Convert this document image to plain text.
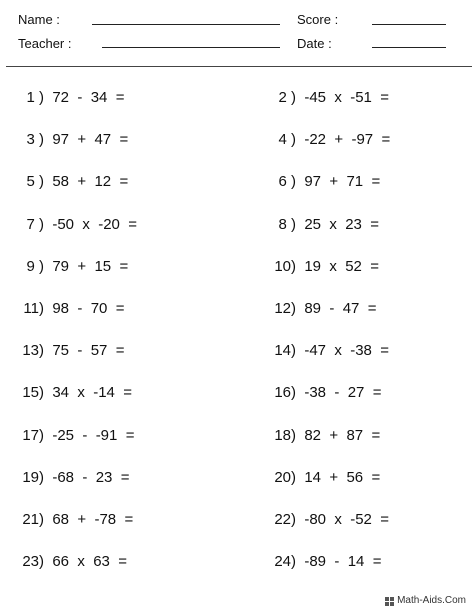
Name :
Teacher :
Score :
Date :
1 ) 72  -  34  =	2 ) -45  x  -51  =
3 ) 97  +  47  =	4 ) -22  +  -97  =
5 ) 58  +  12  =	6 ) 97  +  71  =
7 ) -50  x  -20  =	8 ) 25  x  23  =
9 ) 79  +  15  =	10) 19  x  52  =
11) 98  -  70  =	12) 89  -  47  =
13) 75  -  57  =	14) -47  x  -38  =
15) 34  x  -14  =	16) -38  -  27  =
17) -25  -  -91  =	18) 82  +  87  =
19) -68  -  23  =	20) 14  +  56  =
21) 68  +  -78  =	22) -80  x  -52  =
23) 66  x  63  =	24) -89  -  14  =
Math-Aids.Com
